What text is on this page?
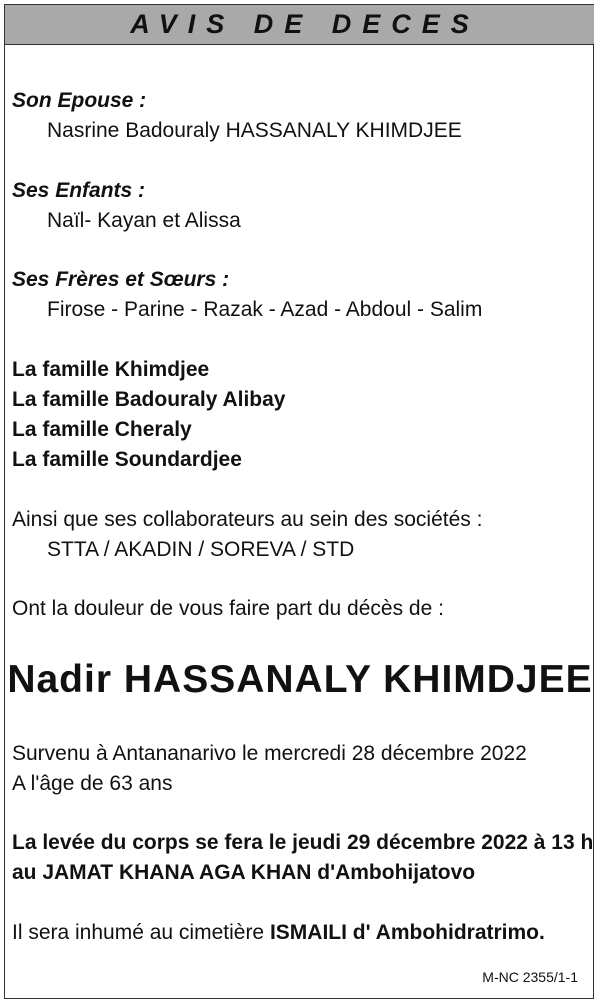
AVIS DE DECES
Son Epouse :
Nasrine Badouraly HASSANALY KHIMDJEE
Ses Enfants :
Naïl- Kayan et Alissa
Ses Frères et Sœurs :
Firose - Parine - Razak - Azad - Abdoul - Salim
La famille Khimdjee
La famille Badouraly Alibay
La famille Cheraly
La famille Soundardjee
Ainsi que ses collaborateurs au sein des sociétés :
STTA / AKADIN / SOREVA / STD
Ont la douleur de vous faire part du décès de :
Nadir HASSANALY KHIMDJEE
Survenu à Antananarivo le mercredi 28 décembre 2022
A l'âge de 63 ans
La levée du corps se fera le jeudi 29 décembre 2022 à 13 h
au JAMAT KHANA AGA KHAN d'Ambohijatovo
Il sera inhumé au cimetière ISMAILI d' Ambohidratrimo.
M-NC 2355/1-1
